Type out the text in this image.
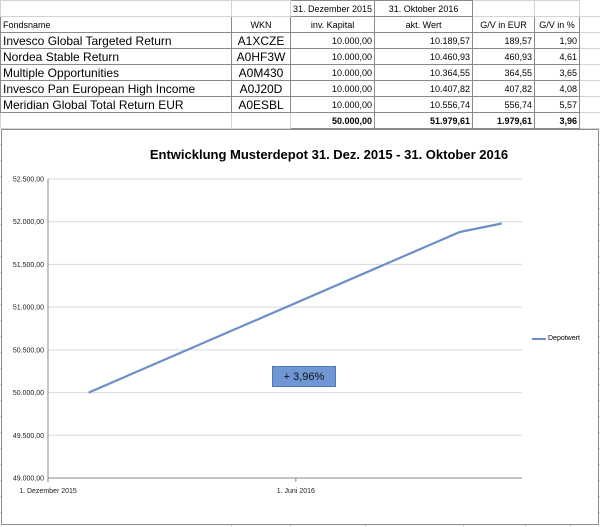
		31. Dezember 2015	31. Oktober 2016		
Fondsname	WKN	inv. Kapital	akt. Wert	G/V in EUR	G/V in %
Invesco Global Targeted Return	A1XCZE	10.000,00	10.189,57	189,57	1,90
Nordea Stable Return	A0HF3W	10.000,00	10.460,93	460,93	4,61
Multiple Opportunities	A0M430	10.000,00	10.364,55	364,55	3,65
Invesco Pan European High Income	A0J20D	10.000,00	10.407,82	407,82	4,08
Meridian Global Total Return EUR	A0ESBL	10.000,00	10.556,74	556,74	5,57
		50.000,00	51.979,61	1.979,61	3,96
Entwicklung Musterdepot 31. Dez. 2015 - 31. Oktober 2016
49.000,00
49.500,00
50.000,00
50.500,00
51.000,00
51.500,00
52.000,00
52.500,00
1. Dezember 2015	1. Juni 2016
Depotwert
+ 3,96%
